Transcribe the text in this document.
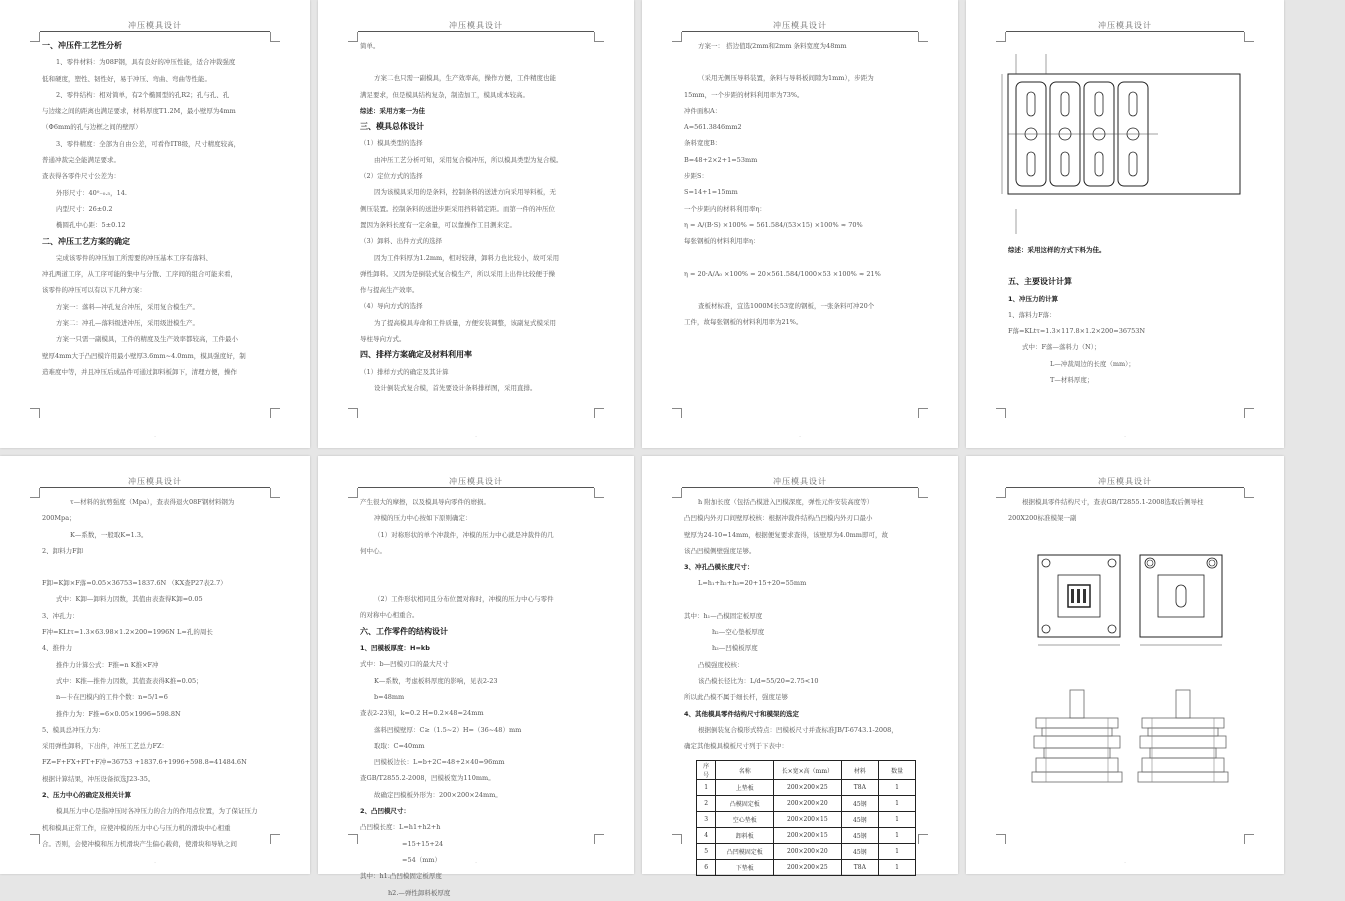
冲压模具设计
·
一、冲压件工艺性分析
1、零件材料：为08F钢，具有良好的冲压性能，适合冲裁强度
低和硬度，塑性、韧性好，易于冲压、弯曲、弯曲等性能。
2、零件结构：相对简单，有2个椭圆型的孔R2；孔与孔、孔
与边缘之间的距离也满足要求，材料厚度T1.2M，最小壁厚为4mm
（Φ6mm的孔与边框之间的壁厚）
3、零件精度：全部为自由公差，可看作IT8级，尺寸精度较高，
普通冲裁完全能满足要求。
查表得各零件尺寸公差为：
外形尺寸：40⁰₋₀.₅，14.
内型尺寸：26±0.2
椭圆孔中心距：5±0.12
二、冲压工艺方案的确定
完成该零件的冲压加工所需要的冲压基本工序有落料、
冲孔两道工序，从工序可能的集中与分散、工序间的组合可能来看，
该零件的冲压可以有以下几种方案：
方案一：落料—冲孔复合冲压，采用复合模生产。
方案二：冲孔—落料级进冲压，采用级进模生产。
方案一只需一副模具，工件的精度及生产效率都较高，工件最小
壁厚4mm大于凸凹模许用最小壁厚3.6mm~4.0mm，模具强度好，制
造难度中等，并且冲压后成品件可通过卸料板卸下，清理方便，操作
冲压模具设计
·
简单。
方案二也只需一副模具，生产效率高，操作方便，工件精度也能
满足要求，但是模具结构复杂，制造加工，模具成本较高。
综述：采用方案一为佳
三、模具总体设计
（1）模具类型的选择
由冲压工艺分析可知，采用复合模冲压，所以模具类型为复合模。
（2）定位方式的选择
因为该模具采用的是条料，控制条料的送进方向采用导料板，无
侧压装置。控制条料的送进步距采用挡料销定距。而第一件的冲压位
置因为条料长度有一定余量，可以靠操作工目测来定。
（3）卸料、出件方式的选择
因为工件料厚为1.2mm，相对较薄，卸料力也比较小，故可采用
弹性卸料。又因为是倒装式复合模生产，所以采用上出件比较便于操
作与提高生产效率。
（4）导向方式的选择
为了提高模具寿命和工件质量，方便安装调整，该副复式模采用
导柱导向方式。
四、排样方案确定及材料利用率
（1）排样方式的确定及其计算
设计倒装式复合模，首先要设计条料排样图，采用直排。
冲压模具设计
·
方案一： 搭边值取2mm和2mm 条料宽度为48mm
（采用无侧压导料装置，条料与导料板间隙为1mm），步距为
15mm，一个步距的材料利用率为73%。
冲件面积A：
A=561.3846mm2
条料宽度B：
B=48+2×2+1=53mm
步距S：
S=14+1=15mm
一个步距内的材料利用率η：
η = A/(B·S) ×100% = 561.584/(53×15) ×100% ≈ 70%
每张钢板的材料利用率η：
η = 20·A/A₀ ×100% = 20×561.584/1000×53 ×100% ≈ 21%
查板材标准，宜选1000M长53宽的钢板，一张条料可冲20个
工件，故每张钢板的材料利用率为21%。
冲压模具设计
·
综述：采用这样的方式下料为佳。
五、主要设计计算
1、冲压力的计算
1、落料力F落：
F落=KLtτ=1.3×117.8×1.2×200=36753N
式中：F落—落料力（N）；
L—冲裁周边的长度（mm）；
T—材料厚度；
冲压模具设计
·
τ—材料的抗剪强度（Mpa），查表得退火08F钢材料钢为
200Mpa；
K—系数，一般取K=1.3。
2、卸料力F卸
F卸=K卸×F落=0.05×36753=1837.6N （KX查P27表2.7）
式中：K卸—卸料力因数，其值由表查得K卸=0.05
3、冲孔力：
F冲=KLtτ=1.3×63.98×1.2×200=1996N L=孔的周长
4、推件力
推件力计算公式：F推=n K推×F冲
式中：K推—推件力因数，其值查表得K推=0.05；
n—卡在凹模内的工件个数：n=5/1=6
推件力为：F推=6×0.05×1996=598.8N
5、模具总冲压力为：
采用弹性卸料，下出件，冲压工艺总力FZ：
FZ=F+FX+FT+F冲=36753 +1837.6+1996+598.8=41484.6N
根据计算结果，冲压设备拟选J23-35。
2、压力中心的确定及相关计算
模具压力中心是指冲压时各冲压力的合力的作用点位置，为了保证压力
机和模具正常工作，应使冲模的压力中心与压力机的滑块中心相重
合。否则，会使冲模和压力机滑块产生偏心载荷，使滑块和导轨之间
冲压模具设计
·
产生很大的摩擦，以及模具导向零件的磨损。
冲模的压力中心按如下原则确定：
（1）对称形状的单个冲裁件，冲模的压力中心就是冲裁件的几
何中心。
（2）工件形状相同且分布位置对称时，冲模的压力中心与零件
的对称中心相重合。
六、工作零件的结构设计
1、凹模板厚度：H=kb
式中：b—凹模刃口的最大尺寸
K—系数，考虑板料厚度的影响，见表2-23
b=48mm
查表2-23知，k=0.2 H=0.2×48=24mm
落料凹模壁厚：C≥（1.5~2）H=（36~48）mm
取取：C=40mm
凹模板边长：L=b+2C=48+2×40=96mm
查GB/T2855.2-2008，凹模板宽为110mm。
故确定凹模板外形为：200×200×24mm。
2、凸凹模尺寸：
凸凹模长度：L=h1+h2+h
=15+15+24
=54（mm）
其中：h1.凸凹模固定板厚度
h2.—弹性卸料板厚度
冲压模具设计
·
h 附加长度（包括凸模进入凹模深度，弹性元件安装高度等）
凸凹模内外刃口间壁厚校核：根据冲裁件结构凸凹模内外刃口最小
壁厚为24-10=14mm，根据便复要求查得，该壁厚为4.0mm即可，故
该凸凹模侧壁强度足够。
3、冲孔凸模长度尺寸：
L=h₁+h₂+h₃=20+15+20=55mm
其中：h₁—凸模固定板厚度
h₂—空心垫板厚度
h₃—凹模板厚度
凸模强度校核：
该凸模长径比为：L/d=55/20=2.75<10
所以此凸模不属于细长杆，强度足够
4、其他模具零件结构尺寸和模架的选定
根据倒装复合模形式特点：凹模板尺寸并查标准JB/T-6743.1-2008，
确定其他模具模板尺寸列于下表中：
序号	名称	长×宽×高（mm）	材料	数量
1	上垫板	200×200×25	T8A	1
2	凸模固定板	200×200×20	45钢	1
3	空心垫板	200×200×15	45钢	1
4	卸料板	200×200×15	45钢	1
5	凸凹模固定板	200×200×20	45钢	1
6	下垫板	200×200×25	T8A	1
冲压模具设计
·
根据模具零件结构尺寸，查表GB/T2855.1-2008选取后侧导柱
200X200标准模架一副
